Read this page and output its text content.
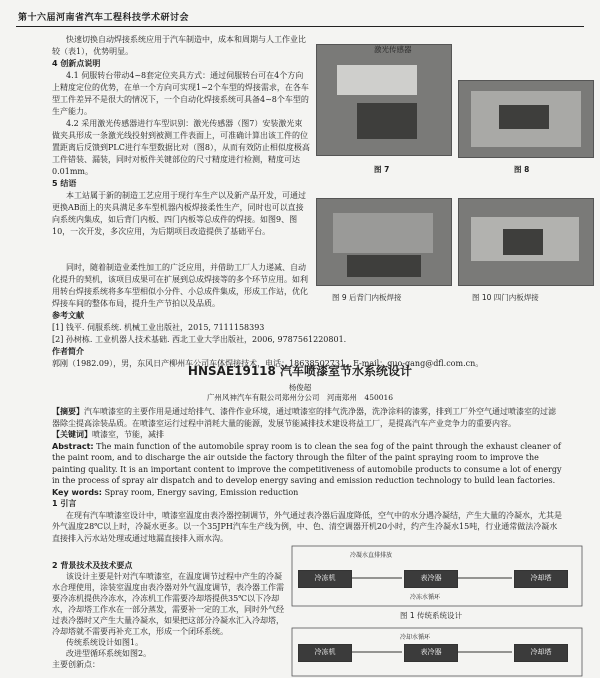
第十六届河南省汽车工程科技学术研讨会

快速切换自动焊接系统应用于汽车制造中，成本和周期与人工作业比较（表1），优势明显。

4 创新点说明

4.1 伺服转台带动4~8套定位夹具方式：通过伺服转台可在4个方向上精度定位的优势，在单一个方向可实现1~2个车型的焊接需求，在各车型工件差异不是很大的情况下，一个自动化焊接系统可具备4~8个车型的生产能力。

4.2 采用激光传感器进行车型识别：激光传感器（图7）安装激光束做夹具形成一条激光线投射到被测工件表面上，可准确计算出该工件的位置距离后反馈到PLC进行车型数据比对（图8），从而有效防止相似度极高工件错装、漏装，同时对板件关键部位的尺寸精度进行检测，精度可达0.01mm。

5 结语

本工站属于新的制造工艺应用于现行车生产以及新产品开发，可通过更换AB面上的夹具满足多车型机器内板焊接柔性生产，同时也可以直接向系统内集成，如后背门内板、四门内板等总成件的焊接。如图9、图10，一次开发，多次应用，为后期项目改造提供了基础平台。

同时，随着制造业柔性加工的广泛应用，并借助工厂人力递减、自动化提升的契机，该项目成果可在扩展到总成焊接等的多个环节应用。如利用转台焊接系统将多车型相似小分件、小总成件集成，形成工作站，优化焊接车间的整体布局，提升生产节拍以及品质。

参考文献

[1] 钱平. 伺服系统. 机械工业出版社，2015, 7111158393

[2] 孙树栋. 工业机器人技术基础. 西北工业大学出版社，2006, 9787561220801.

作者简介

郭刚（1982.09），男，东风日产柳州车公司车体焊接技术，电话：18638502731，E-mail：guo-gang@dfl.com.cn。

激光传感器
图 7	图 8
图 9 后背门内板焊接	图 10 四门内板焊接
HNSAE19118 汽车喷漆室节水系统设计
杨俊超
广州风神汽车有限公司郑州分公司　河南郑州　450016

【摘要】汽车喷漆室的主要作用是通过给排气、漆件作业环境，通过喷漆室的排气洗净器，洗净涂料的漆雾，排到工厂外空气通过喷漆室的过滤器除尘提高涂装品质。在喷漆室运行过程中消耗大量的能源，发展节能减排技术建设将益工厂，是提高汽车产业竞争力的重要内容。

【关键词】喷漆室，节能，减排

Abstract: The main function of the automobile spray room is to clean the sea fog of the paint through the exhaust cleaner of the paint room, and to discharge the air outside the factory through the filter of the paint spraying room to improve the painting quality. It is an important content to improve the competitiveness of automobile products to consume a lot of energy in the process of spray air dispatch and to develop energy saving and emission reduction technology to build lean factories.

Key words: Spray room, Energy saving, Emission reduction

1 引言

在现有汽车喷漆室设计中，喷漆室温度由表冷器控制调节，外气通过表冷器后温度降低，空气中的水分遇冷凝结，产生大量的冷凝水，尤其是外气温度28℃以上时，冷凝水更多。以一个35JPH汽车生产线为例，中、色、清空调器开机20小时，约产生冷凝水15吨，行业通常做法冷凝水直接排入污水站处理或通过地漏直接排入雨水沟。

2 背景技术及技术要点

该设计主要是针对汽车喷漆室，在温度调节过程中产生的冷凝水合理使用，涂装室温度由表冷器对外气温度调节，表冷器工作需要冷冻机提供冷冻水，冷冻机工作需要冷却塔提供35℃以下冷却水，冷却塔工作水在一部分蒸发，需要补一定的工水，同时外气经过表冷器时又产生大量冷凝水，如果把这部分冷凝水汇入冷却塔，冷却塔就不需要再补充工水，形成一个闭环系统。

传统系统设计如图1。

改进型循环系统如图2。

主要创新点：

冷凝水直排排放
冷冻水循环
冷冻机	表冷器	冷却塔
图 1 传统系统设计
冷却水循环
冷冻机	表冷器	冷却塔
